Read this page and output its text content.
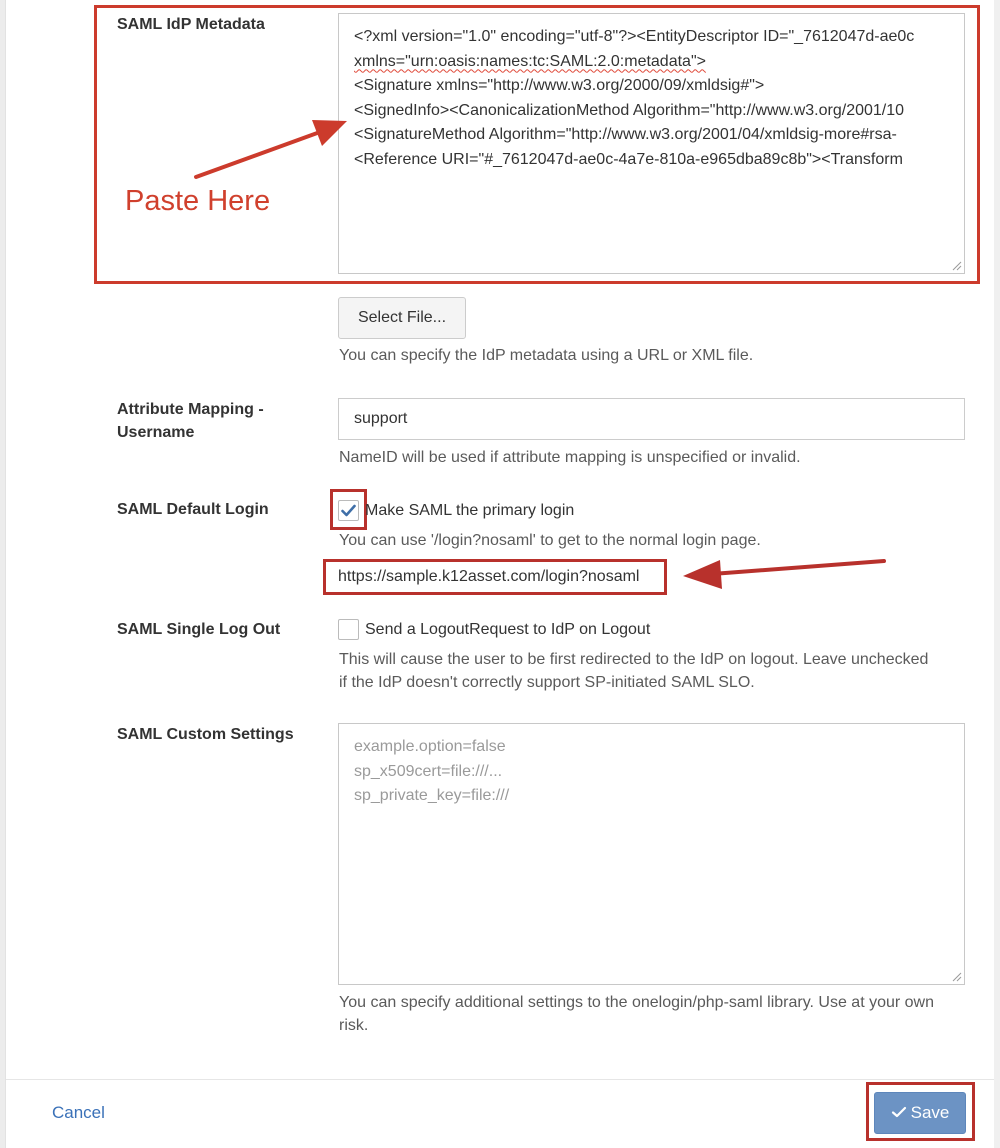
SAML IdP Metadata
<?xml version="1.0" encoding="utf-8"?><EntityDescriptor ID="_7612047d-ae0c
xmlns="urn:oasis:names:tc:SAML:2.0:metadata">
<Signature xmlns="http://www.w3.org/2000/09/xmldsig#">
<SignedInfo><CanonicalizationMethod Algorithm="http://www.w3.org/2001/10
<SignatureMethod Algorithm="http://www.w3.org/2001/04/xmldsig-more#rsa-
<Reference URI="#_7612047d-ae0c-4a7e-810a-e965dba89c8b"><Transform
Paste Here
Select File...
You can specify the IdP metadata using a URL or XML file.
Attribute Mapping -
Username
support
NameID will be used if attribute mapping is unspecified or invalid.
SAML Default Login	Make SAML the primary login
You can use '/login?nosaml' to get to the normal login page.
https://sample.k12asset.com/login?nosaml
SAML Single Log Out	Send a LogoutRequest to IdP on Logout
This will cause the user to be first redirected to the IdP on logout. Leave unchecked
if the IdP doesn't correctly support SP-initiated SAML SLO.
SAML Custom Settings
example.option=false
sp_x509cert=file:///...
sp_private_key=file:///
You can specify additional settings to the onelogin/php-saml library. Use at your own
risk.
Cancel	Save
